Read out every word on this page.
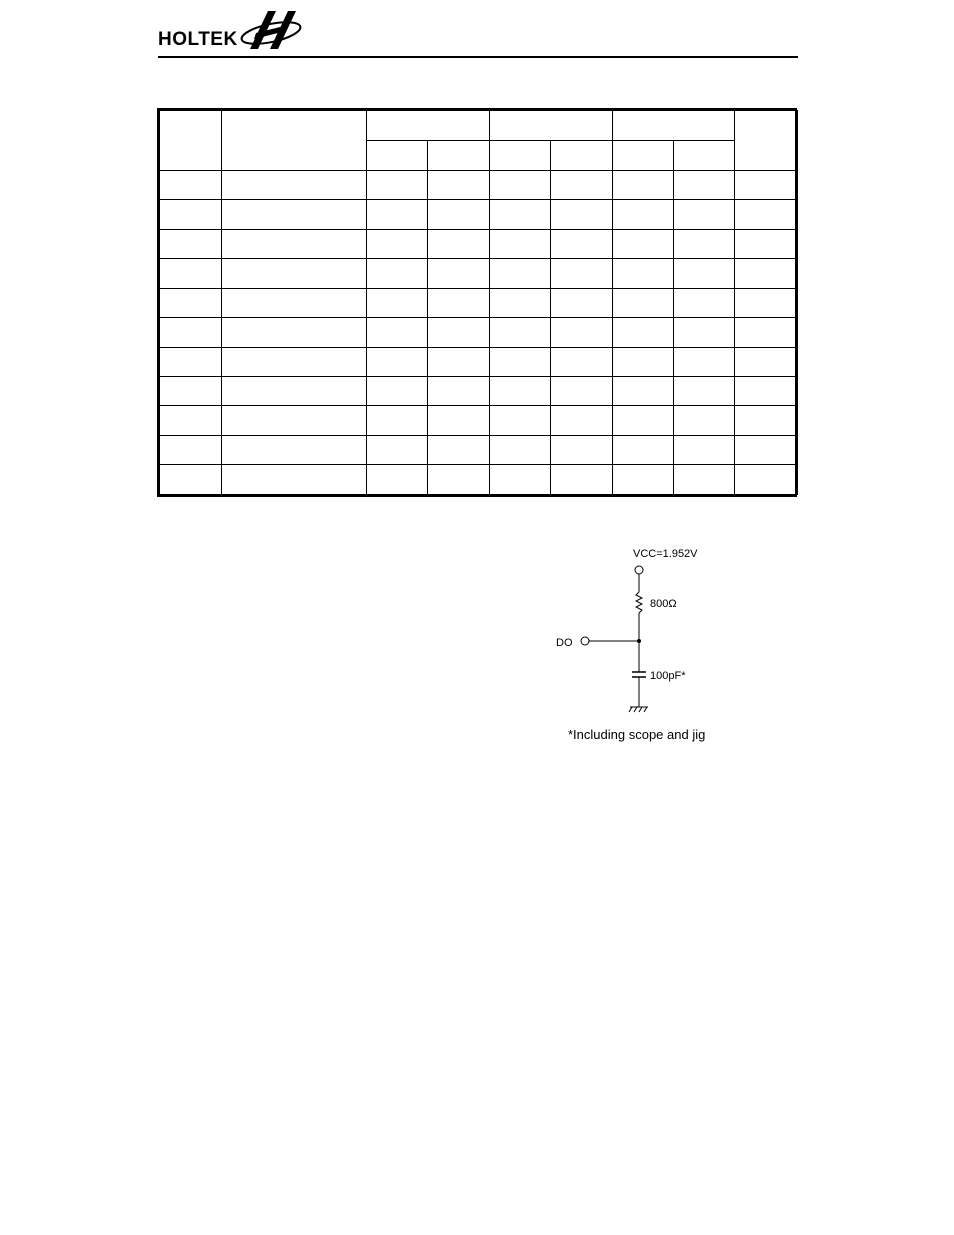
HOLTEK

VCC=1.952V
800Ω
DO
100pF*
*Including scope and jig
